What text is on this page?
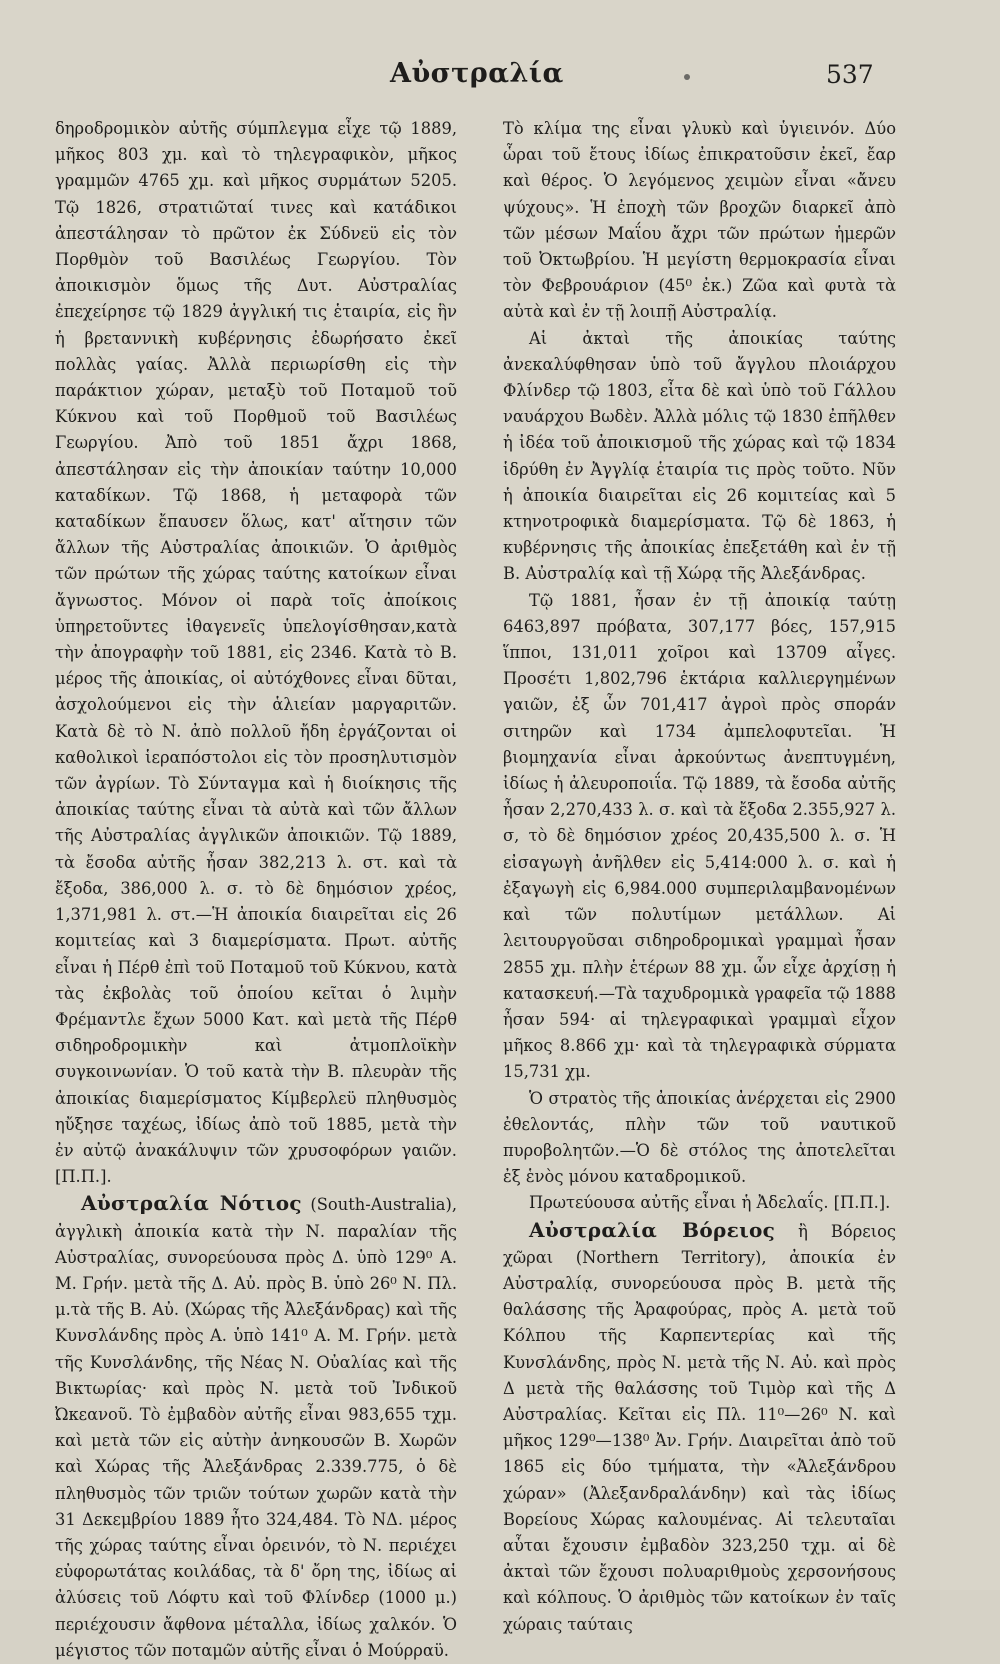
Αὐστραλία	537

δηροδρομικὸν αὐτῆς σύμπλεγμα εἶχε τῷ 1889, μῆκος 803 χμ. καὶ τὸ τηλεγραφικὸν, μῆκος γραμμῶν 4765 χμ. καὶ μῆκος συρμάτων 5205. Τῷ 1826, στρατιῶταί τινες καὶ κατάδικοι ἀπεστάλησαν τὸ πρῶτον ἐκ Σύδνεϋ εἰς τὸν Πορθμὸν τοῦ Βασιλέως Γεωργίου. Τὸν ἀποικισμὸν ὅμως τῆς Δυτ. Αὐστραλίας ἐπεχείρησε τῷ 1829 ἀγγλική τις ἑταιρία, εἰς ἣν ἡ βρεταννικὴ κυβέρνησις ἐδωρήσατο ἐκεῖ πολλὰς γαίας. Ἀλλὰ περιωρίσθη εἰς τὴν παράκτιον χώραν, μεταξὺ τοῦ Ποταμοῦ τοῦ Κύκνου καὶ τοῦ Πορθμοῦ τοῦ Βασιλέως Γεωργίου. Ἀπὸ τοῦ 1851 ἄχρι 1868, ἀπεστάλησαν εἰς τὴν ἀποικίαν ταύτην 10,000 καταδίκων. Τῷ 1868, ἡ μεταφορὰ τῶν καταδίκων ἔπαυσεν ὅλως, κατ' αἴτησιν τῶν ἄλλων τῆς Αὐστραλίας ἀποικιῶν. Ὁ ἀριθμὸς τῶν πρώτων τῆς χώρας ταύτης κατοίκων εἶναι ἄγνωστος. Μόνον οἱ παρὰ τοῖς ἀποίκοις ὑπηρετοῦντες ἰθαγενεῖς ὑπελογίσθησαν,κατὰ τὴν ἀπογραφὴν τοῦ 1881, εἰς 2346. Κατὰ τὸ Β. μέρος τῆς ἀποικίας, οἱ αὐτόχθονες εἶναι δῦται, ἀσχολούμενοι εἰς τὴν ἁλιείαν μαργαριτῶν. Κατὰ δὲ τὸ Ν. ἀπὸ πολλοῦ ἤδη ἐργάζονται οἱ καθολικοὶ ἱεραπόστολοι εἰς τὸν προσηλυτισμὸν τῶν ἀγρίων. Τὸ Σύνταγμα καὶ ἡ διοίκησις τῆς ἀποικίας ταύτης εἶναι τὰ αὐτὰ καὶ τῶν ἄλλων τῆς Αὐστραλίας ἀγγλικῶν ἀποικιῶν. Τῷ 1889, τὰ ἔσοδα αὐτῆς ἦσαν 382,213 λ. στ. καὶ τὰ ἔξοδα, 386,000 λ. σ. τὸ δὲ δημόσιον χρέος, 1,371,981 λ. στ.—Ἡ ἀποικία διαιρεῖται εἰς 26 κομιτείας καὶ 3 διαμερίσματα. Πρωτ. αὐτῆς εἶναι ἡ Πέρθ ἐπὶ τοῦ Ποταμοῦ τοῦ Κύκνου, κατὰ τὰς ἐκβολὰς τοῦ ὁποίου κεῖται ὁ λιμὴν Φρέμαντλε ἔχων 5000 Κατ. καὶ μετὰ τῆς Πέρθ σιδηροδρομικὴν καὶ ἀτμοπλοϊκὴν συγκοινωνίαν. Ὁ τοῦ κατὰ τὴν Β. πλευρὰν τῆς ἀποικίας διαμερίσματος Κίμβερλεϋ πληθυσμὸς ηὔξησε ταχέως, ἰδίως ἀπὸ τοῦ 1885, μετὰ τὴν ἐν αὐτῷ ἀνακάλυψιν τῶν χρυσοφόρων γαιῶν. [Π.Π.].

Αὐστραλία Νότιος (South-Australia), ἀγγλικὴ ἀποικία κατὰ τὴν Ν. παραλίαν τῆς Αὐστραλίας, συνορεύουσα πρὸς Δ. ὑπὸ 129⁰ Α. Μ. Γρήν. μετὰ τῆς Δ. Αὐ. πρὸς Β. ὑπὸ 26⁰ Ν. Πλ. μ.τὰ τῆς Β. Αὐ. (Χώρας τῆς Ἀλεξάνδρας) καὶ τῆς Κυνσλάνδης πρὸς Α. ὑπὸ 141⁰ Α. Μ. Γρήν. μετὰ τῆς Κυνσλάνδης, τῆς Νέας Ν. Οὐαλίας καὶ τῆς Βικτωρίας· καὶ πρὸς Ν. μετὰ τοῦ Ἰνδικοῦ Ὠκεανοῦ. Τὸ ἐμβαδὸν αὐτῆς εἶναι 983,655 τχμ. καὶ μετὰ τῶν εἰς αὐτὴν ἀνηκουσῶν Β. Χωρῶν καὶ Χώρας τῆς Ἀλεξάνδρας 2.339.775, ὁ δὲ πληθυσμὸς τῶν τριῶν τούτων χωρῶν κατὰ τὴν 31 Δεκεμβρίου 1889 ἦτο 324,484. Τὸ ΝΔ. μέρος τῆς χώρας ταύτης εἶναι ὀρεινόν, τὸ Ν. περιέχει εὐφορωτάτας κοιλάδας, τὰ δ' ὄρη της, ἰδίως αἱ ἀλύσεις τοῦ Λόφτυ καὶ τοῦ Φλίνδερ (1000 μ.) περιέχουσιν ἄφθονα μέταλλα, ἰδίως χαλκόν. Ὁ μέγιστος τῶν ποταμῶν αὐτῆς εἶναι ὁ Μούρραϋ.

Τὸ κλίμα της εἶναι γλυκὺ καὶ ὑγιεινόν. Δύο ὧραι τοῦ ἔτους ἰδίως ἐπικρατοῦσιν ἐκεῖ, ἔαρ καὶ θέρος. Ὁ λεγόμενος χειμὼν εἶναι «ἄνευ ψύχους». Ἡ ἐποχὴ τῶν βροχῶν διαρκεῖ ἀπὸ τῶν μέσων Μαΐου ἄχρι τῶν πρώτων ἡμερῶν τοῦ Ὀκτωβρίου. Ἡ μεγίστη θερμοκρασία εἶναι τὸν Φεβρουάριον (45⁰ ἐκ.) Ζῶα καὶ φυτὰ τὰ αὐτὰ καὶ ἐν τῇ λοιπῇ Αὐστραλίᾳ.

Αἱ ἀκταὶ τῆς ἀποικίας ταύτης ἀνεκαλύφθησαν ὑπὸ τοῦ ἄγγλου πλοιάρχου Φλίνδερ τῷ 1803, εἶτα δὲ καὶ ὑπὸ τοῦ Γάλλου ναυάρχου Βωδὲν. Ἀλλὰ μόλις τῷ 1830 ἐπῆλθεν ἡ ἰδέα τοῦ ἀποικισμοῦ τῆς χώρας καὶ τῷ 1834 ἱδρύθη ἐν Ἀγγλίᾳ ἑταιρία τις πρὸς τοῦτο. Νῦν ἡ ἀποικία διαιρεῖται εἰς 26 κομιτείας καὶ 5 κτηνοτροφικὰ διαμερίσματα. Τῷ δὲ 1863, ἡ κυβέρνησις τῆς ἀποικίας ἐπεξετάθη καὶ ἐν τῇ Β. Αὐστραλίᾳ καὶ τῇ Χώρᾳ τῆς Ἀλεξάνδρας.

Τῷ 1881, ἦσαν ἐν τῇ ἀποικίᾳ ταύτῃ 6463,897 πρόβατα, 307,177 βόες, 157,915 ἵπποι, 131,011 χοῖροι καὶ 13709 αἶγες. Προσέτι 1,802,796 ἑκτάρια καλλιεργημένων γαιῶν, ἐξ ὧν 701,417 ἀγροὶ πρὸς σποράν σιτηρῶν καὶ 1734 ἀμπελοφυτεῖαι. Ἡ βιομηχανία εἶναι ἀρκούντως ἀνεπτυγμένη, ἰδίως ἡ ἀλευροποιΐα. Τῷ 1889, τὰ ἔσοδα αὐτῆς ἦσαν 2,270,433 λ. σ. καὶ τὰ ἔξοδα 2.355,927 λ. σ, τὸ δὲ δημόσιον χρέος 20,435,500 λ. σ. Ἡ εἰσαγωγὴ ἀνῆλθεν εἰς 5,414:000 λ. σ. καὶ ἡ ἐξαγωγὴ εἰς 6,984.000 συμπεριλαμβανομένων καὶ τῶν πολυτίμων μετάλλων. Αἱ λειτουργοῦσαι σιδηροδρομικαὶ γραμμαὶ ἦσαν 2855 χμ. πλὴν ἑτέρων 88 χμ. ὧν εἶχε ἀρχίσῃ ἡ κατασκευή.—Τὰ ταχυδρομικὰ γραφεῖα τῷ 1888 ἦσαν 594· αἱ τηλεγραφικαὶ γραμμαὶ εἶχον μῆκος 8.866 χμ· καὶ τὰ τηλεγραφικὰ σύρματα 15,731 χμ.

Ὁ στρατὸς τῆς ἀποικίας ἀνέρχεται εἰς 2900 ἐθελοντάς, πλὴν τῶν τοῦ ναυτικοῦ πυροβολητῶν.—Ὁ δὲ στόλος της ἀποτελεῖται ἐξ ἑνὸς μόνου καταδρομικοῦ.

Πρωτεύουσα αὐτῆς εἶναι ἡ Ἀδελαΐς. [Π.Π.].

Αὐστραλία Βόρειος ἢ Βόρειος χῶραι (Northern Territory), ἀποικία ἐν Αὐστραλίᾳ, συνορεύουσα πρὸς Β. μετὰ τῆς θαλάσσης τῆς Ἀραφούρας, πρὸς Α. μετὰ τοῦ Κόλπου τῆς Καρπεντερίας καὶ τῆς Κυνσλάνδης, πρὸς Ν. μετὰ τῆς Ν. Αὐ. καὶ πρὸς Δ μετὰ τῆς θαλάσσης τοῦ Τιμὸρ καὶ τῆς Δ Αὐστραλίας. Κεῖται εἰς Πλ. 11⁰—26⁰ Ν. καὶ μῆκος 129⁰—138⁰ Ἀν. Γρήν. Διαιρεῖται ἀπὸ τοῦ 1865 εἰς δύο τμήματα, τὴν «Ἀλεξάνδρου χώραν» (Ἀλεξανδραλάνδην) καὶ τὰς ἰδίως Βορείους Χώρας καλουμένας. Αἱ τελευταῖαι αὗται ἔχουσιν ἐμβαδὸν 323,250 τχμ. αἱ δὲ ἀκταὶ τῶν ἔχουσι πολυαριθμοὺς χερσονήσους καὶ κόλπους. Ὁ ἀριθμὸς τῶν κατοίκων ἐν ταῖς χώραις ταύταις
